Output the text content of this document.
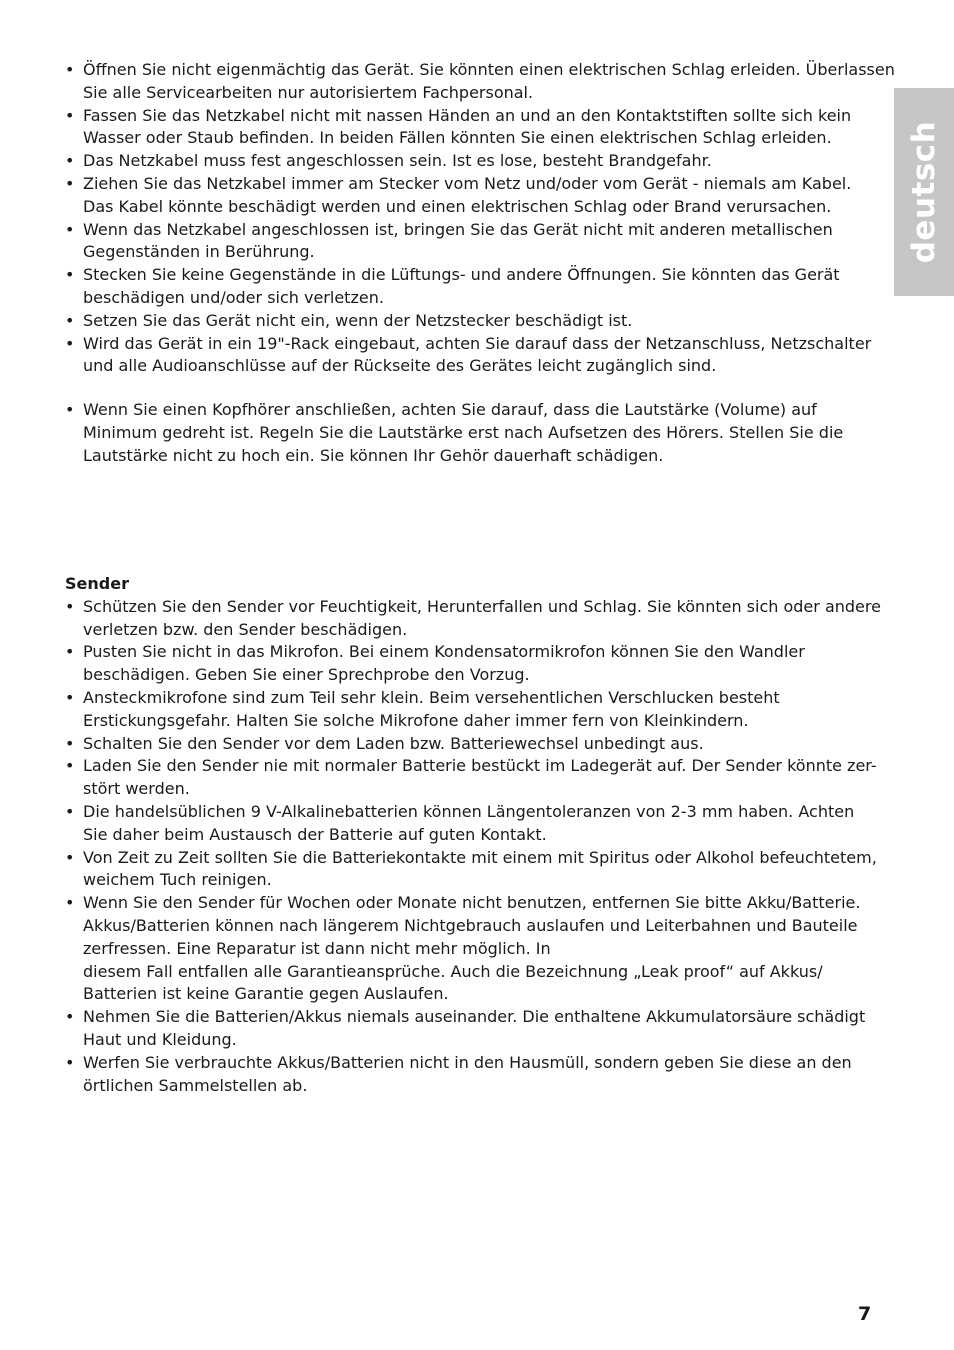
deutsch
• Öffnen Sie nicht eigenmächtig das Gerät. Sie könnten einen elektrischen Schlag erleiden. Überlassen
Sie alle Servicearbeiten nur autorisiertem Fachpersonal.
• Fassen Sie das Netzkabel nicht mit nassen Händen an und an den Kontaktstiften sollte sich kein
Wasser oder Staub befinden. In beiden Fällen könnten Sie einen elektrischen Schlag erleiden.
• Das Netzkabel muss fest angeschlossen sein. Ist es lose, besteht Brandgefahr.
• Ziehen Sie das Netzkabel immer am Stecker vom Netz und/oder vom Gerät - niemals am Kabel.
Das Kabel könnte beschädigt werden und einen elektrischen Schlag oder Brand verursachen.
• Wenn das Netzkabel angeschlossen ist, bringen Sie das Gerät nicht mit anderen metallischen
Gegenständen in Berührung.
• Stecken Sie keine Gegenstände in die Lüftungs- und andere Öffnungen. Sie könnten das Gerät
beschädigen und/oder sich verletzen.
• Setzen Sie das Gerät nicht ein, wenn der Netzstecker beschädigt ist.
• Wird das Gerät in ein 19"-Rack eingebaut, achten Sie darauf dass der Netzanschluss, Netzschalter
und alle Audioanschlüsse auf der Rückseite des Gerätes leicht zugänglich sind.
• Wenn Sie einen Kopfhörer anschließen, achten Sie darauf, dass die Lautstärke (Volume) auf
Minimum gedreht ist. Regeln Sie die Lautstärke erst nach Aufsetzen des Hörers. Stellen Sie die
Lautstärke nicht zu hoch ein. Sie können Ihr Gehör dauerhaft schädigen.

Sender

• Schützen Sie den Sender vor Feuchtigkeit, Herunterfallen und Schlag. Sie könnten sich oder andere
verletzen bzw. den Sender beschädigen.
• Pusten Sie nicht in das Mikrofon. Bei einem Kondensatormikrofon können Sie den Wandler
beschädigen. Geben Sie einer Sprechprobe den Vorzug.
• Ansteckmikrofone sind zum Teil sehr klein. Beim versehentlichen Verschlucken besteht
Erstickungsgefahr. Halten Sie solche Mikrofone daher immer fern von Kleinkindern.
• Schalten Sie den Sender vor dem Laden bzw. Batteriewechsel unbedingt aus.
• Laden Sie den Sender nie mit normaler Batterie bestückt im Ladegerät auf. Der Sender könnte zer-
stört werden.
• Die handelsüblichen 9 V-Alkalinebatterien können Längentoleranzen von 2-3 mm haben. Achten
Sie daher beim Austausch der Batterie auf guten Kontakt.
• Von Zeit zu Zeit sollten Sie die Batteriekontakte mit einem mit Spiritus oder Alkohol befeuchtetem,
weichem Tuch reinigen.
• Wenn Sie den Sender für Wochen oder Monate nicht benutzen, entfernen Sie bitte Akku/Batterie.
Akkus/Batterien können nach längerem Nichtgebrauch auslaufen und Leiterbahnen und Bauteile
zerfressen. Eine Reparatur ist dann nicht mehr möglich. In
diesem Fall entfallen alle Garantieansprüche. Auch die Bezeichnung „Leak proof“ auf Akkus/
Batterien ist keine Garantie gegen Auslaufen.
• Nehmen Sie die Batterien/Akkus niemals auseinander. Die enthaltene Akkumulatorsäure schädigt
Haut und Kleidung.
• Werfen Sie verbrauchte Akkus/Batterien nicht in den Hausmüll, sondern geben Sie diese an den
örtlichen Sammelstellen ab.
7
